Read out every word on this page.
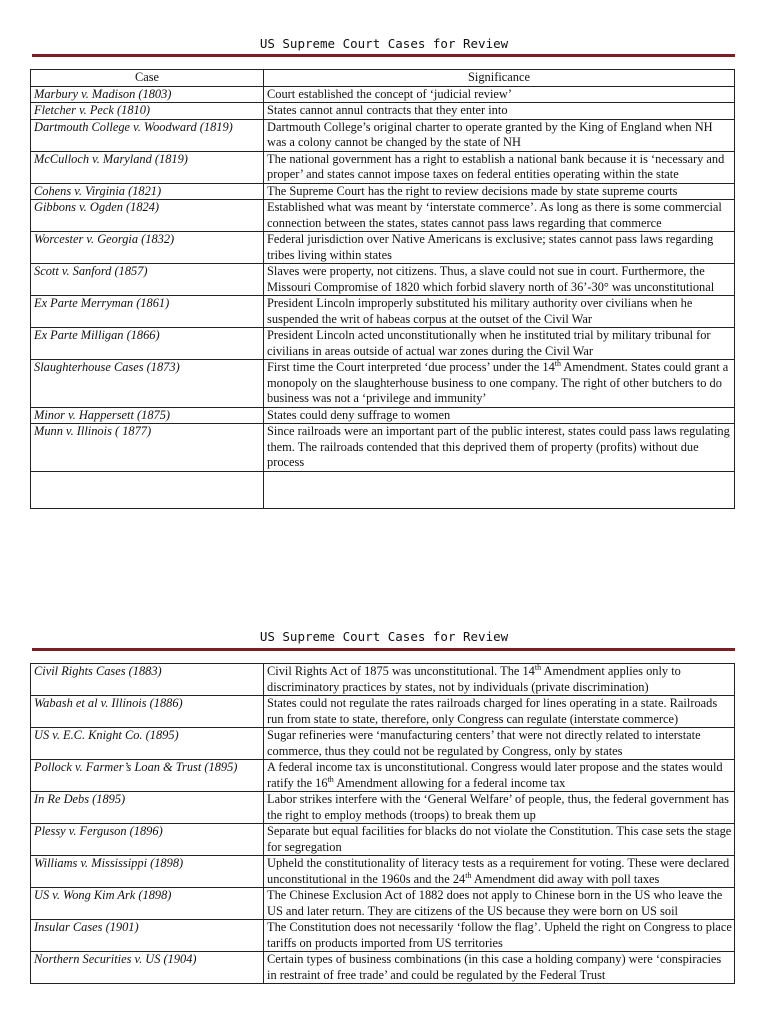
US Supreme Court Cases for Review
Case	Significance
Marbury v. Madison (1803)	Court established the concept of ‘judicial review’
Fletcher v. Peck (1810)	States cannot annul contracts that they enter into
Dartmouth College v. Woodward (1819)	Dartmouth College’s original charter to operate granted by the King of England when NH was a colony cannot be changed by the state of NH
McCulloch v. Maryland (1819)	The national government has a right to establish a national bank because it is ‘necessary and proper’ and states cannot impose taxes on federal entities operating within the state
Cohens v. Virginia (1821)	The Supreme Court has the right to review decisions made by state supreme courts
Gibbons v. Ogden (1824)	Established what was meant by ‘interstate commerce’. As long as there is some commercial connection between the states, states cannot pass laws regarding that commerce
Worcester v. Georgia (1832)	Federal jurisdiction over Native Americans is exclusive; states cannot pass laws regarding tribes living within states
Scott v. Sanford (1857)	Slaves were property, not citizens. Thus, a slave could not sue in court. Furthermore, the Missouri Compromise of 1820 which forbid slavery north of 36’-30° was unconstitutional
Ex Parte Merryman (1861)	President Lincoln improperly substituted his military authority over civilians when he suspended the writ of habeas corpus at the outset of the Civil War
Ex Parte Milligan (1866)	President Lincoln acted unconstitutionally when he instituted trial by military tribunal for civilians in areas outside of actual war zones during the Civil War
Slaughterhouse Cases (1873)	First time the Court interpreted ‘due process’ under the 14th Amendment. States could grant a monopoly on the slaughterhouse business to one company. The right of other butchers to do business was not a ‘privilege and immunity’
Minor v. Happersett (1875)	States could deny suffrage to women
Munn v. Illinois ( 1877)	Since railroads were an important part of the public interest, states could pass laws regulating them. The railroads contended that this deprived them of property (profits) without due process

US Supreme Court Cases for Review
Civil Rights Cases (1883)	Civil Rights Act of 1875 was unconstitutional. The 14th Amendment applies only to discriminatory practices by states, not by individuals (private discrimination)
Wabash et al v. Illinois (1886)	States could not regulate the rates railroads charged for lines operating in a state. Railroads run from state to state, therefore, only Congress can regulate (interstate commerce)
US v. E.C. Knight Co. (1895)	Sugar refineries were ‘manufacturing centers’ that were not directly related to interstate commerce, thus they could not be regulated by Congress, only by states
Pollock v. Farmer’s Loan & Trust (1895)	A federal income tax is unconstitutional. Congress would later propose and the states would ratify the 16th Amendment allowing for a federal income tax
In Re Debs (1895)	Labor strikes interfere with the ‘General Welfare’ of people, thus, the federal government has the right to employ methods (troops) to break them up
Plessy v. Ferguson (1896)	Separate but equal facilities for blacks do not violate the Constitution. This case sets the stage for segregation
Williams v. Mississippi (1898)	Upheld the constitutionality of literacy tests as a requirement for voting. These were declared unconstitutional in the 1960s and the 24th Amendment did away with poll taxes
US v. Wong Kim Ark (1898)	The Chinese Exclusion Act of 1882 does not apply to Chinese born in the US who leave the US and later return. They are citizens of the US because they were born on US soil
Insular Cases (1901)	The Constitution does not necessarily ‘follow the flag’. Upheld the right on Congress to place tariffs on products imported from US territories
Northern Securities v. US (1904)	Certain types of business combinations (in this case a holding company) were ‘conspiracies in restraint of free trade’ and could be regulated by the Federal Trust
